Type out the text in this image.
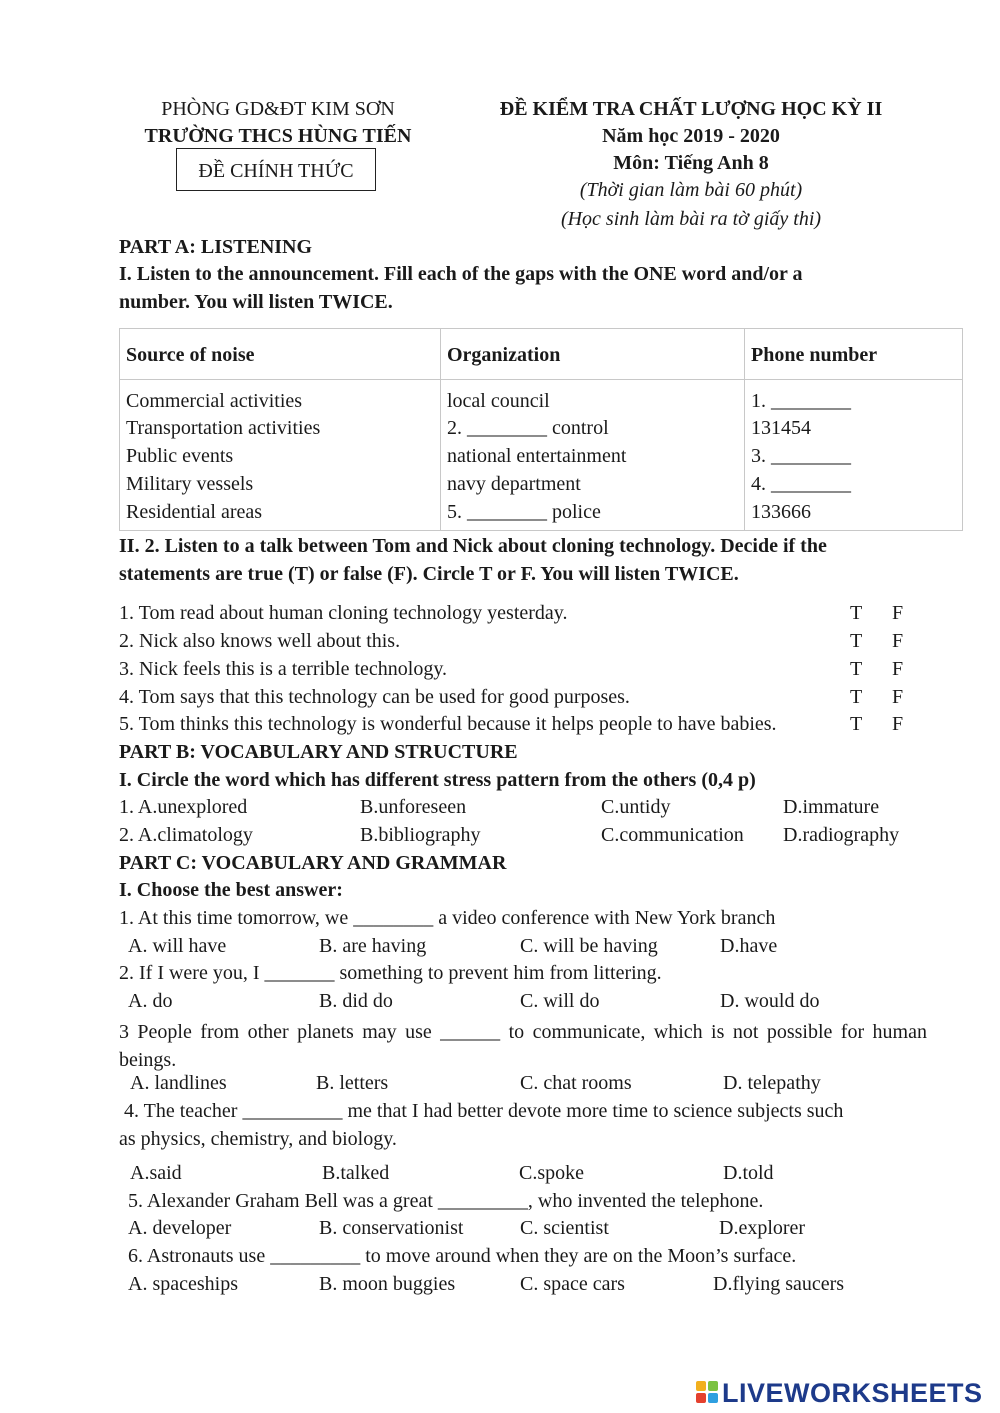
PHÒNG GD&ĐT KIM SƠN
TRƯỜNG THCS HÙNG TIẾN
ĐỀ CHÍNH THỨC
ĐỀ KIỂM TRA CHẤT LƯỢNG HỌC KỲ II
Năm học 2019 - 2020
Môn: Tiếng Anh 8
(Thời gian làm bài 60 phút)
(Học sinh làm bài ra tờ giấy thi)
PART A: LISTENING
I. Listen to the announcement. Fill each of the gaps with the ONE word and/or a
number. You will listen TWICE.
Source of noise	Organization	Phone number
Commercial activities	local council	1. ________
Transportation activities	2. ________ control	131454
Public events	national entertainment	3. ________
Military vessels	navy department	4. ________
Residential areas	5. ________ police	133666
II. 2. Listen to a talk between Tom and Nick about cloning technology. Decide if the
statements are true (T) or false (F). Circle T or F. You will listen TWICE.
1. Tom read about human cloning technology yesterday.	T F
2. Nick also knows well about this.	T F
3. Nick feels this is a terrible technology.	T F
4. Tom says that this technology can be used for good purposes.	T F
5. Tom thinks this technology is wonderful because it helps people to have babies.	T F
PART B: VOCABULARY AND STRUCTURE
I. Circle the word which has different stress pattern from the others (0,4 p)
1. A.unexplored	B.unforeseen	C.untidy	D.immature
2. A.climatology	B.bibliography	C.communication D.radiography
PART C: VOCABULARY AND GRAMMAR
I. Choose the best answer:
1. At this time tomorrow, we ________ a video conference with New York branch
A. will have	B. are having	C. will be having	D.have
2. If I were you, I _______ something to prevent him from littering.
A. do	B. did do	C. will do	D. would do
3 People from other planets may use ______ to communicate, which is not possible for human beings.
A. landlines	B. letters	C. chat rooms	D. telepathy
4. The teacher __________ me that I had better devote more time to science subjects such
as physics, chemistry, and biology.
A.said	B.talked	C.spoke	D.told
5. Alexander Graham Bell was a great _________, who invented the telephone.
A. developer	B. conservationist	C. scientist	D.explorer
6. Astronauts use _________ to move around when they are on the Moon’s surface.
A. spaceships	B. moon buggies	C. space cars	D.flying saucers
LIVEWORKSHEETS
